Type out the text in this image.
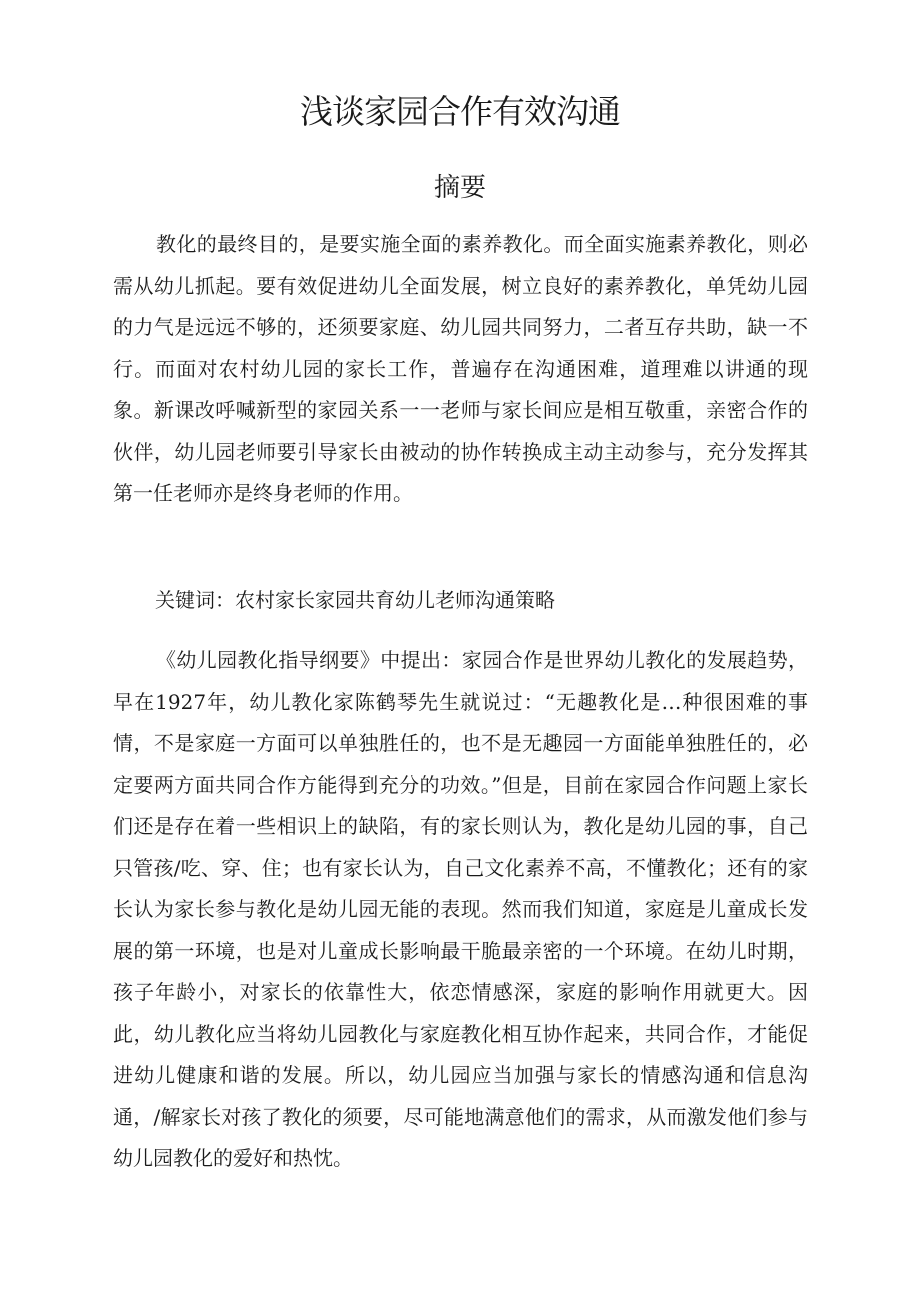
浅谈家园合作有效沟通
摘要

教化的最终目的，是要实施全面的素养教化。而全面实施素养教化，则必需从幼儿抓起。要有效促进幼儿全面发展，树立良好的素养教化，单凭幼儿园的力气是远远不够的，还须要家庭、幼儿园共同努力，二者互存共助，缺一不行。而面对农村幼儿园的家长工作，普遍存在沟通困难，道理难以讲通的现象。新课改呼喊新型的家园关系一一老师与家长间应是相互敬重，亲密合作的伙伴，幼儿园老师要引导家长由被动的协作转换成主动主动参与，充分发挥其第一任老师亦是终身老师的作用。

关键词：农村家长家园共育幼儿老师沟通策略

《幼儿园教化指导纲要》中提出：家园合作是世界幼儿教化的发展趋势，早在1927年，幼儿教化家陈鹤琴先生就说过：“无趣教化是…种很困难的事情，不是家庭一方面可以单独胜任的，也不是无趣园一方面能单独胜任的，必定要两方面共同合作方能得到充分的功效。”但是，目前在家园合作问题上家长们还是存在着一些相识上的缺陷，有的家长则认为，教化是幼儿园的事，自己只管孩/吃、穿、住；也有家长认为，自己文化素养不高，不懂教化；还有的家长认为家长参与教化是幼儿园无能的表现。然而我们知道，家庭是儿童成长发展的第一环境，也是对儿童成长影响最干脆最亲密的一个环境。在幼儿时期，孩子年龄小，对家长的依靠性大，依恋情感深，家庭的影响作用就更大。因此，幼儿教化应当将幼儿园教化与家庭教化相互协作起来，共同合作，才能促进幼儿健康和谐的发展。所以，幼儿园应当加强与家长的情感沟通和信息沟通，/解家长对孩了教化的须要，尽可能地满意他们的需求，从而激发他们参与幼儿园教化的爱好和热忱。
